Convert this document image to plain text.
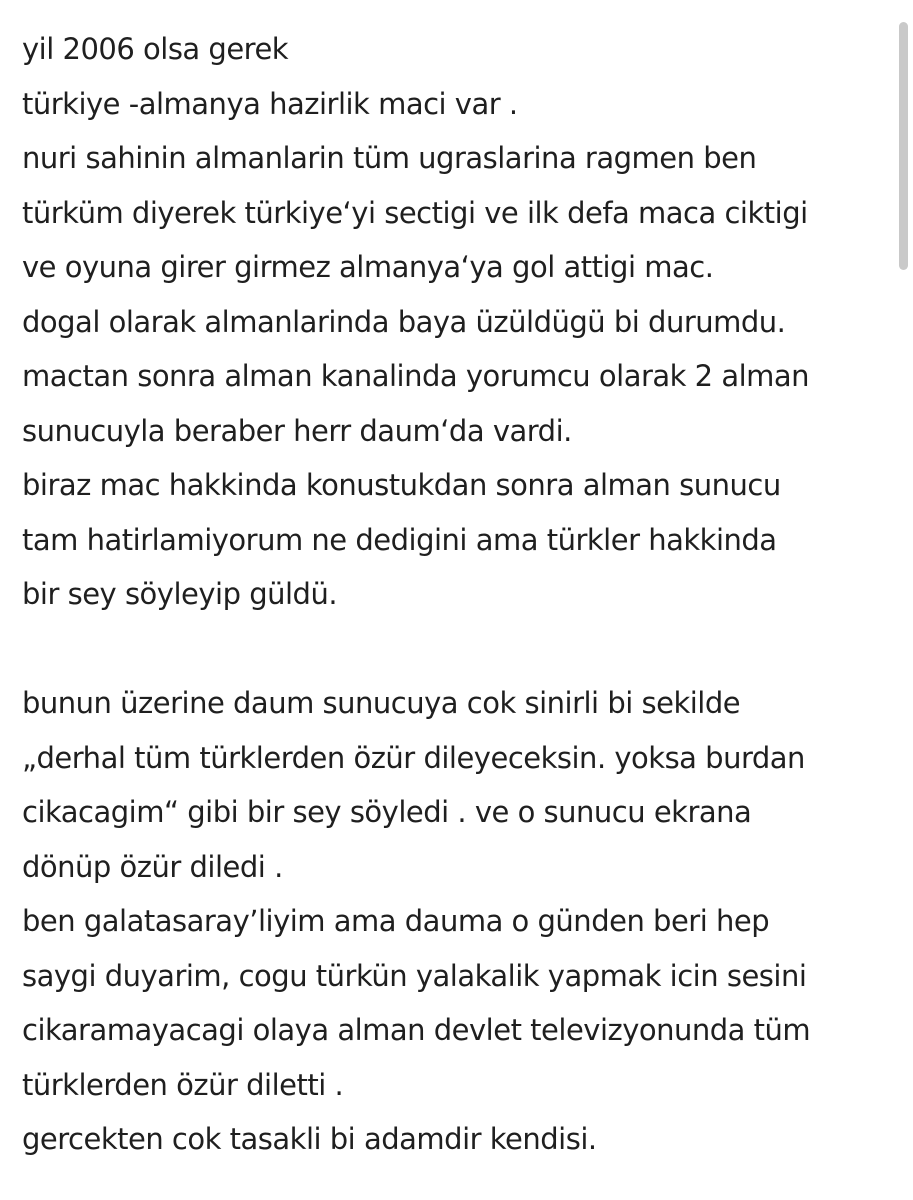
yil 2006 olsa gerek
türkiye -almanya hazirlik maci var .
nuri sahinin almanlarin tüm ugraslarina ragmen ben
türküm diyerek türkiye‘yi sectigi ve ilk defa maca ciktigi
ve oyuna girer girmez almanya‘ya gol attigi mac.
dogal olarak almanlarinda baya üzüldügü bi durumdu.
mactan sonra alman kanalinda yorumcu olarak 2 alman
sunucuyla beraber herr daum‘da vardi.
biraz mac hakkinda konustukdan sonra alman sunucu
tam hatirlamiyorum ne dedigini ama türkler hakkinda
bir sey söyleyip güldü.
bunun üzerine daum sunucuya cok sinirli bi sekilde
„derhal tüm türklerden özür dileyeceksin. yoksa burdan
cikacagim“ gibi bir sey söyledi . ve o sunucu ekrana
dönüp özür diledi .
ben galatasaray’liyim ama dauma o günden beri hep
saygi duyarim, cogu türkün yalakalik yapmak icin sesini
cikaramayacagi olaya alman devlet televizyonunda tüm
türklerden özür diletti .
gercekten cok tasakli bi adamdir kendisi.
